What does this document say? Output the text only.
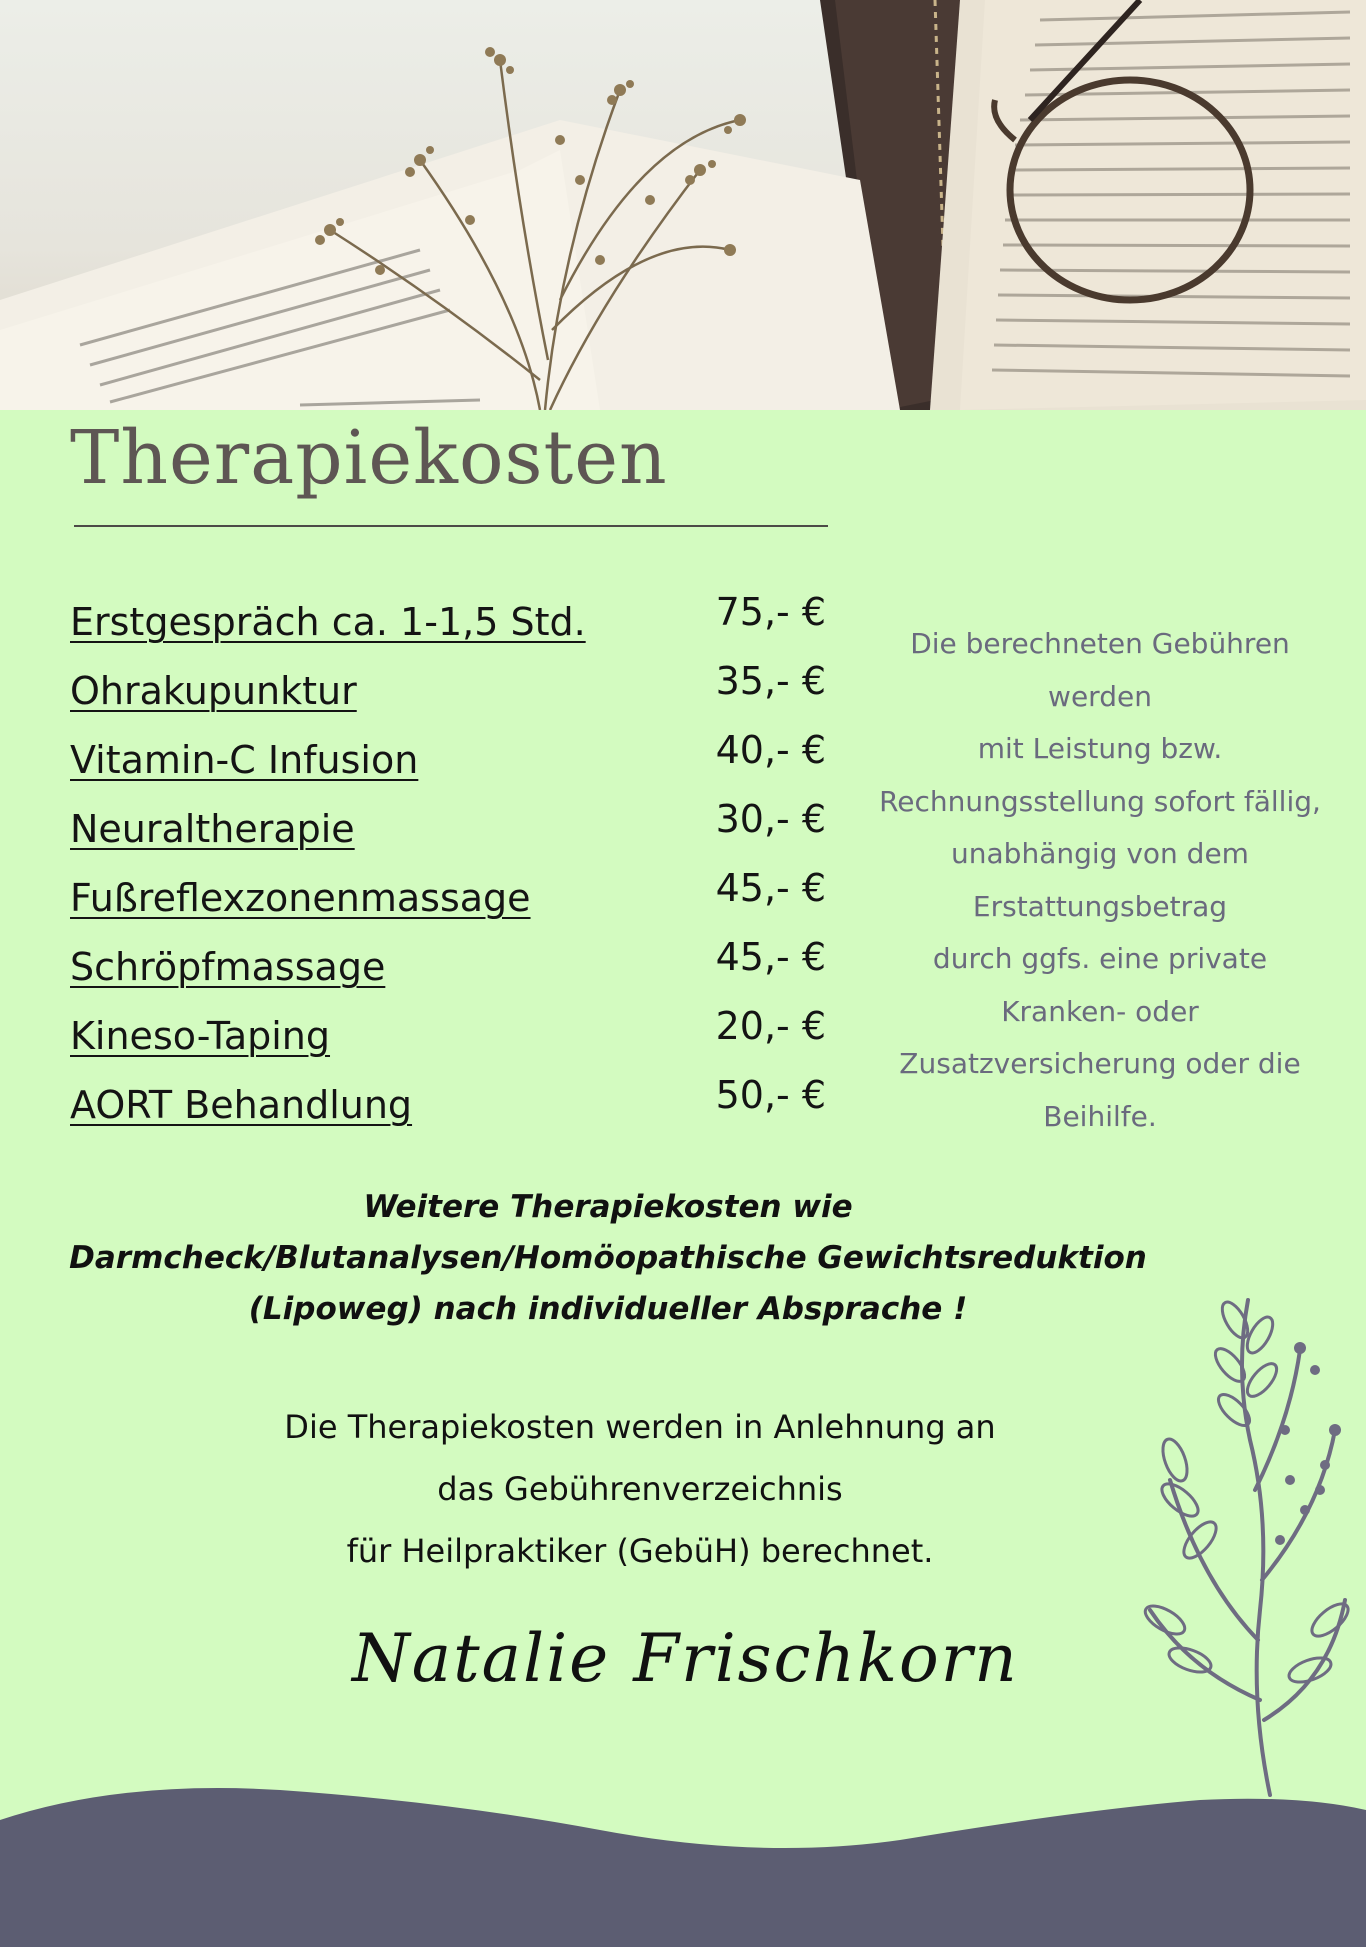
Therapiekosten
Erstgespräch ca. 1-1,5 Std.	75,- €
Ohrakupunktur	35,- €
Vitamin-C Infusion	40,- €
Neuraltherapie	30,- €
Fußreflexzonenmassage	45,- €
Schröpfmassage	45,- €
Kineso-Taping	20,- €
AORT Behandlung	50,- €
Die berechneten Gebühren
werden
mit Leistung bzw.
Rechnungsstellung sofort fällig,
unabhängig von dem
Erstattungsbetrag
durch ggfs. eine private
Kranken- oder
Zusatzversicherung oder die
Beihilfe.
Weitere Therapiekosten wie
Darmcheck/Blutanalysen/Homöopathische Gewichtsreduktion
(Lipoweg) nach individueller Absprache !
Die Therapiekosten werden in Anlehnung an
das Gebührenverzeichnis
für Heilpraktiker (GebüH) berechnet.
Natalie Frischkorn
